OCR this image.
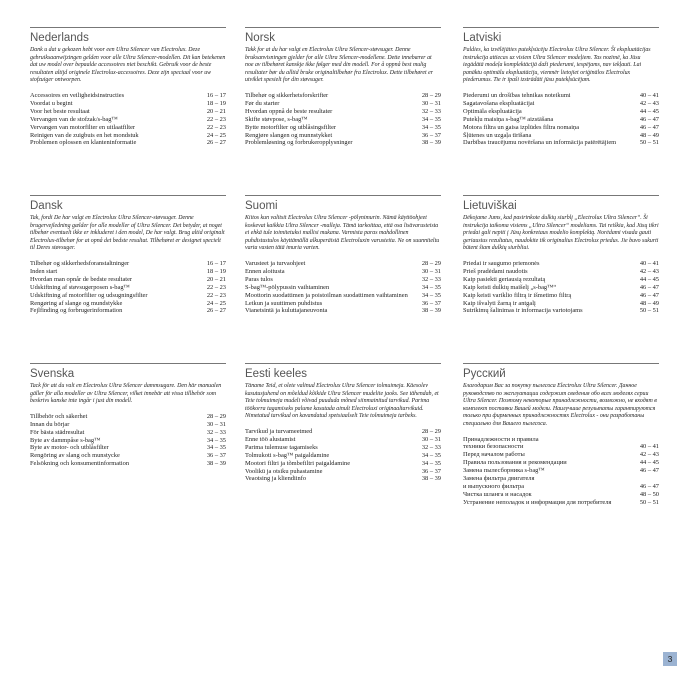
Nederlands
Dank u dat u gekozen hebt voor een Ultra Silencer van Electrolux. Deze gebruiksaanwijzingen gelden voor alle Ultra Silencer-modellen. Dit kan betekenen dat uw model over bepaalde accessoires niet beschikt. Gebruik voor de beste resultaten altijd originele Electrolux-accessoires. Deze zijn speciaal voor uw stofzuiger ontworpen.
Accessoires en veiligheidsinstructies	16 – 17
Voordat u begint	18 – 19
Voor het beste resultaat	20 – 21
Vervangen van de stofzak/s-bag™	22 – 23
Vervangen van motorfilter en uitlaatfilter	22 – 23
Reinigen van de zuigbuis en het mondstuk	24 – 25
Problemen oplossen en klanteninformatie	26 – 27
Norsk
Takk for at du har valgt en Electrolux Ultra Silencer-støvsuger. Denne bruksanvisningen gjelder for alle Ultra Silencer-modellene. Dette innebærer at noe av tilbehøret kanskje ikke følger med din modell. For å oppnå best mulig resultater bør du alltid bruke originaltilbehør fra Electrolux. Dette tilbehøret er utviklet spesielt for din støvsuger.
Tilbehør og sikkerhetsforskrifter	28 – 29
Før du starter	30 – 31
Hvordan oppnå de beste resultater	32 – 33
Skifte støvpose, s-bag™	34 – 35
Bytte motorfilter og utblåsingsfilter	34 – 35
Rengjøre slangen og munnstykket	36 – 37
Problemløsning og forbrukeropplysninger	38 – 39
Latviski
Paldies, ka izvēlējāties putekļsūcēju Electrolux Ultra Silencer. Šī ekspluatācijas instrukcija attiecas uz visiem Ultra Silencer modeļiem. Tas nozīmē, ka Jūsu iegādātā modeļa komplektācijā daži piederumi, iespējams, nav iekļauti. Lai panāktu optimālu ekspluatāciju, vienmēr lietojiet oriģinālos Electrolux piederumus. Tie ir īpaši izstrādāti jūsu putekļsūcējam.
Piederumi un drošības tehnikas noteikumi	40 – 41
Sagatavošana ekspluatācijai	42 – 43
Optimāla ekspluatācija	44 – 45
Putekļu maisiņa s-bag™ aizstāšana	46 – 47
Motora filtra un gaisa izplūdes filtra nomaiņa	46 – 47
Šļūtenes un uzgaļa tīrīšana	48 – 49
Darbības traucējumu novēršana un informācija patērētājiem	50 – 51
Dansk
Tak, fordi De har valgt en Electrolux Ultra Silencer-støvsuger. Denne brugervejledning gælder for alle modeller af Ultra Silencer. Det betyder, at noget tilbehør eventuelt ikke er inkluderet i den model, De har valgt. Brug altid originalt Electrolux-tilbehør for at opnå det bedste resultat. Tilbehøret er designet specielt til Deres støvsuger.
Tilbehør og sikkerhedsforanstaltninger	16 – 17
Inden start	18 – 19
Hvordan man opnår de bedste resultater	20 – 21
Udskiftning af støvsugerposen s-bag™	22 – 23
Udskiftning af motorfilter og udsugningsfilter	22 – 23
Rengøring af slange og mundstykke	24 – 25
Fejlfinding og forbrugerinformation	26 – 27
Suomi
Kiitos kun valitsit Electrolux Ultra Silencer -pölynimurin. Nämä käyttöohjeet koskevat kaikkia Ultra Silencer -malleja. Tämä tarkoittaa, että osa lisävarusteista ei ehkä tule toimitetuksi mallisi mukana. Varmista paras mahdollinen puhdistustulos käyttämällä alkuperäisiä Electroluxin varusteita. Ne on suunniteltu varta vasten tätä imuria varten.
Varusteet ja turvaohjeet	28 – 29
Ennen aloitusta	30 – 31
Paras tulos	32 – 33
S-bag™-pölypussin vaihtaminen	34 – 35
Moottorin suodattimen ja poistoilman suodattimen vaihtaminen	34 – 35
Letkun ja suuttimen puhdistus	36 – 37
Vianetsintä ja kuluttajaneuvonta	38 – 39
Lietuviškai
Dėkojame Jums, kad pasirinkote dulkių siurblį „Electrolux Ultra Silencer“. Ši instrukcija taikoma visiems „Ultra Silencer“ modeliams. Tai reiškia, kad Jūsų tikri priedai gali nepiti į Jūsų konkretaus modelio komplektą. Norėdami visada gauti geriausius rezultatus, naudokite tik originalius Electrolux priedus. Jie buvo sukurti būtent šiam dulkių siurbliui.
Priedai ir saugumo priemonės	40 – 41
Prieš pradėdami naudotis	42 – 43
Kaip pasiekti geriausią rezultatą	44 – 45
Kaip keisti dulkių maišelį „s-bag™“	46 – 47
Kaip keisti variklio filtrą ir išmetimo filtrą	46 – 47
Kaip išvalyti žarną ir antgalį	48 – 49
Sutrikimų šalinimas ir informacija vartotojams	50 – 51
Svenska
Tack för att du valt en Electrolux Ultra Silencer dammsugare. Den här manualen gäller för alla modeller av Ultra Silencer, vilket innebär att vissa tillbehör som beskrivs kanske inte ingår i just din modell.
Tillbehör och säkerhet	28 – 29
Innan du börjar	30 – 31
För bästa städresultat	32 – 33
Byte av dammpåse s-bag™	34 – 35
Byte av motor- och utblåsfilter	34 – 35
Rengöring av slang och munstycke	36 – 37
Felsökning och konsumentinformation	38 – 39
Eesti keeles
Täname Teid, et olete valinud Electrolux Ultra Silencer tolmuimeja. Käesolev kasutusjuhend on mõeldud kõikide Ultra Silencer mudelite jaoks. See tähendab, et Teie tolmuimeja mudeli võivad puududa mõned siinmainitud tarvikud. Parima töökorra tagamiseks palume kasutada ainult Electroluxi originaaltarvikuid. Nimetatud tarvikud on kavandatud spetsiaalselt Teie tolmuimeja tarbeks.
Tarvikud ja turvameetmed	28 – 29
Enne töö alustamist	30 – 31
Parima tulemuse tagamiseks	32 – 33
Tolmukoti s-bag™ paigaldamine	34 – 35
Mootori filtri ja tõmbefiltri paigaldamine	34 – 35
Voolikü ja otsiku puhastamine	36 – 37
Veaotsing ja kliendiinfo	38 – 39
Русский
Благодарим Вас за покупку пылесоса Electrolux Ultra Silencer. Данное руководство по эксплуатации содержит сведения обо всех моделях серии Ultra Silencer. Поэтому некоторые принадлежности, возможно, не входят в комплект поставки Вашей модели. Наилучшие результаты гарантируются только при фирменных принадлежностях Electrolux - они разработаны специально для Вашего пылесоса.
Принадлежности и правила
техники безопасности	40 – 41
Перед началом работы	42 – 43
Правила пользования и рекомендации	44 – 45
Замена пылесборника s-bag™	46 – 47
Замена фильтра двигателя
и выпускного фильтра	46 – 47
Чистка шланга и насадок	48 – 50
Устранение неполадок и информация для потребителя	50 – 51
3
